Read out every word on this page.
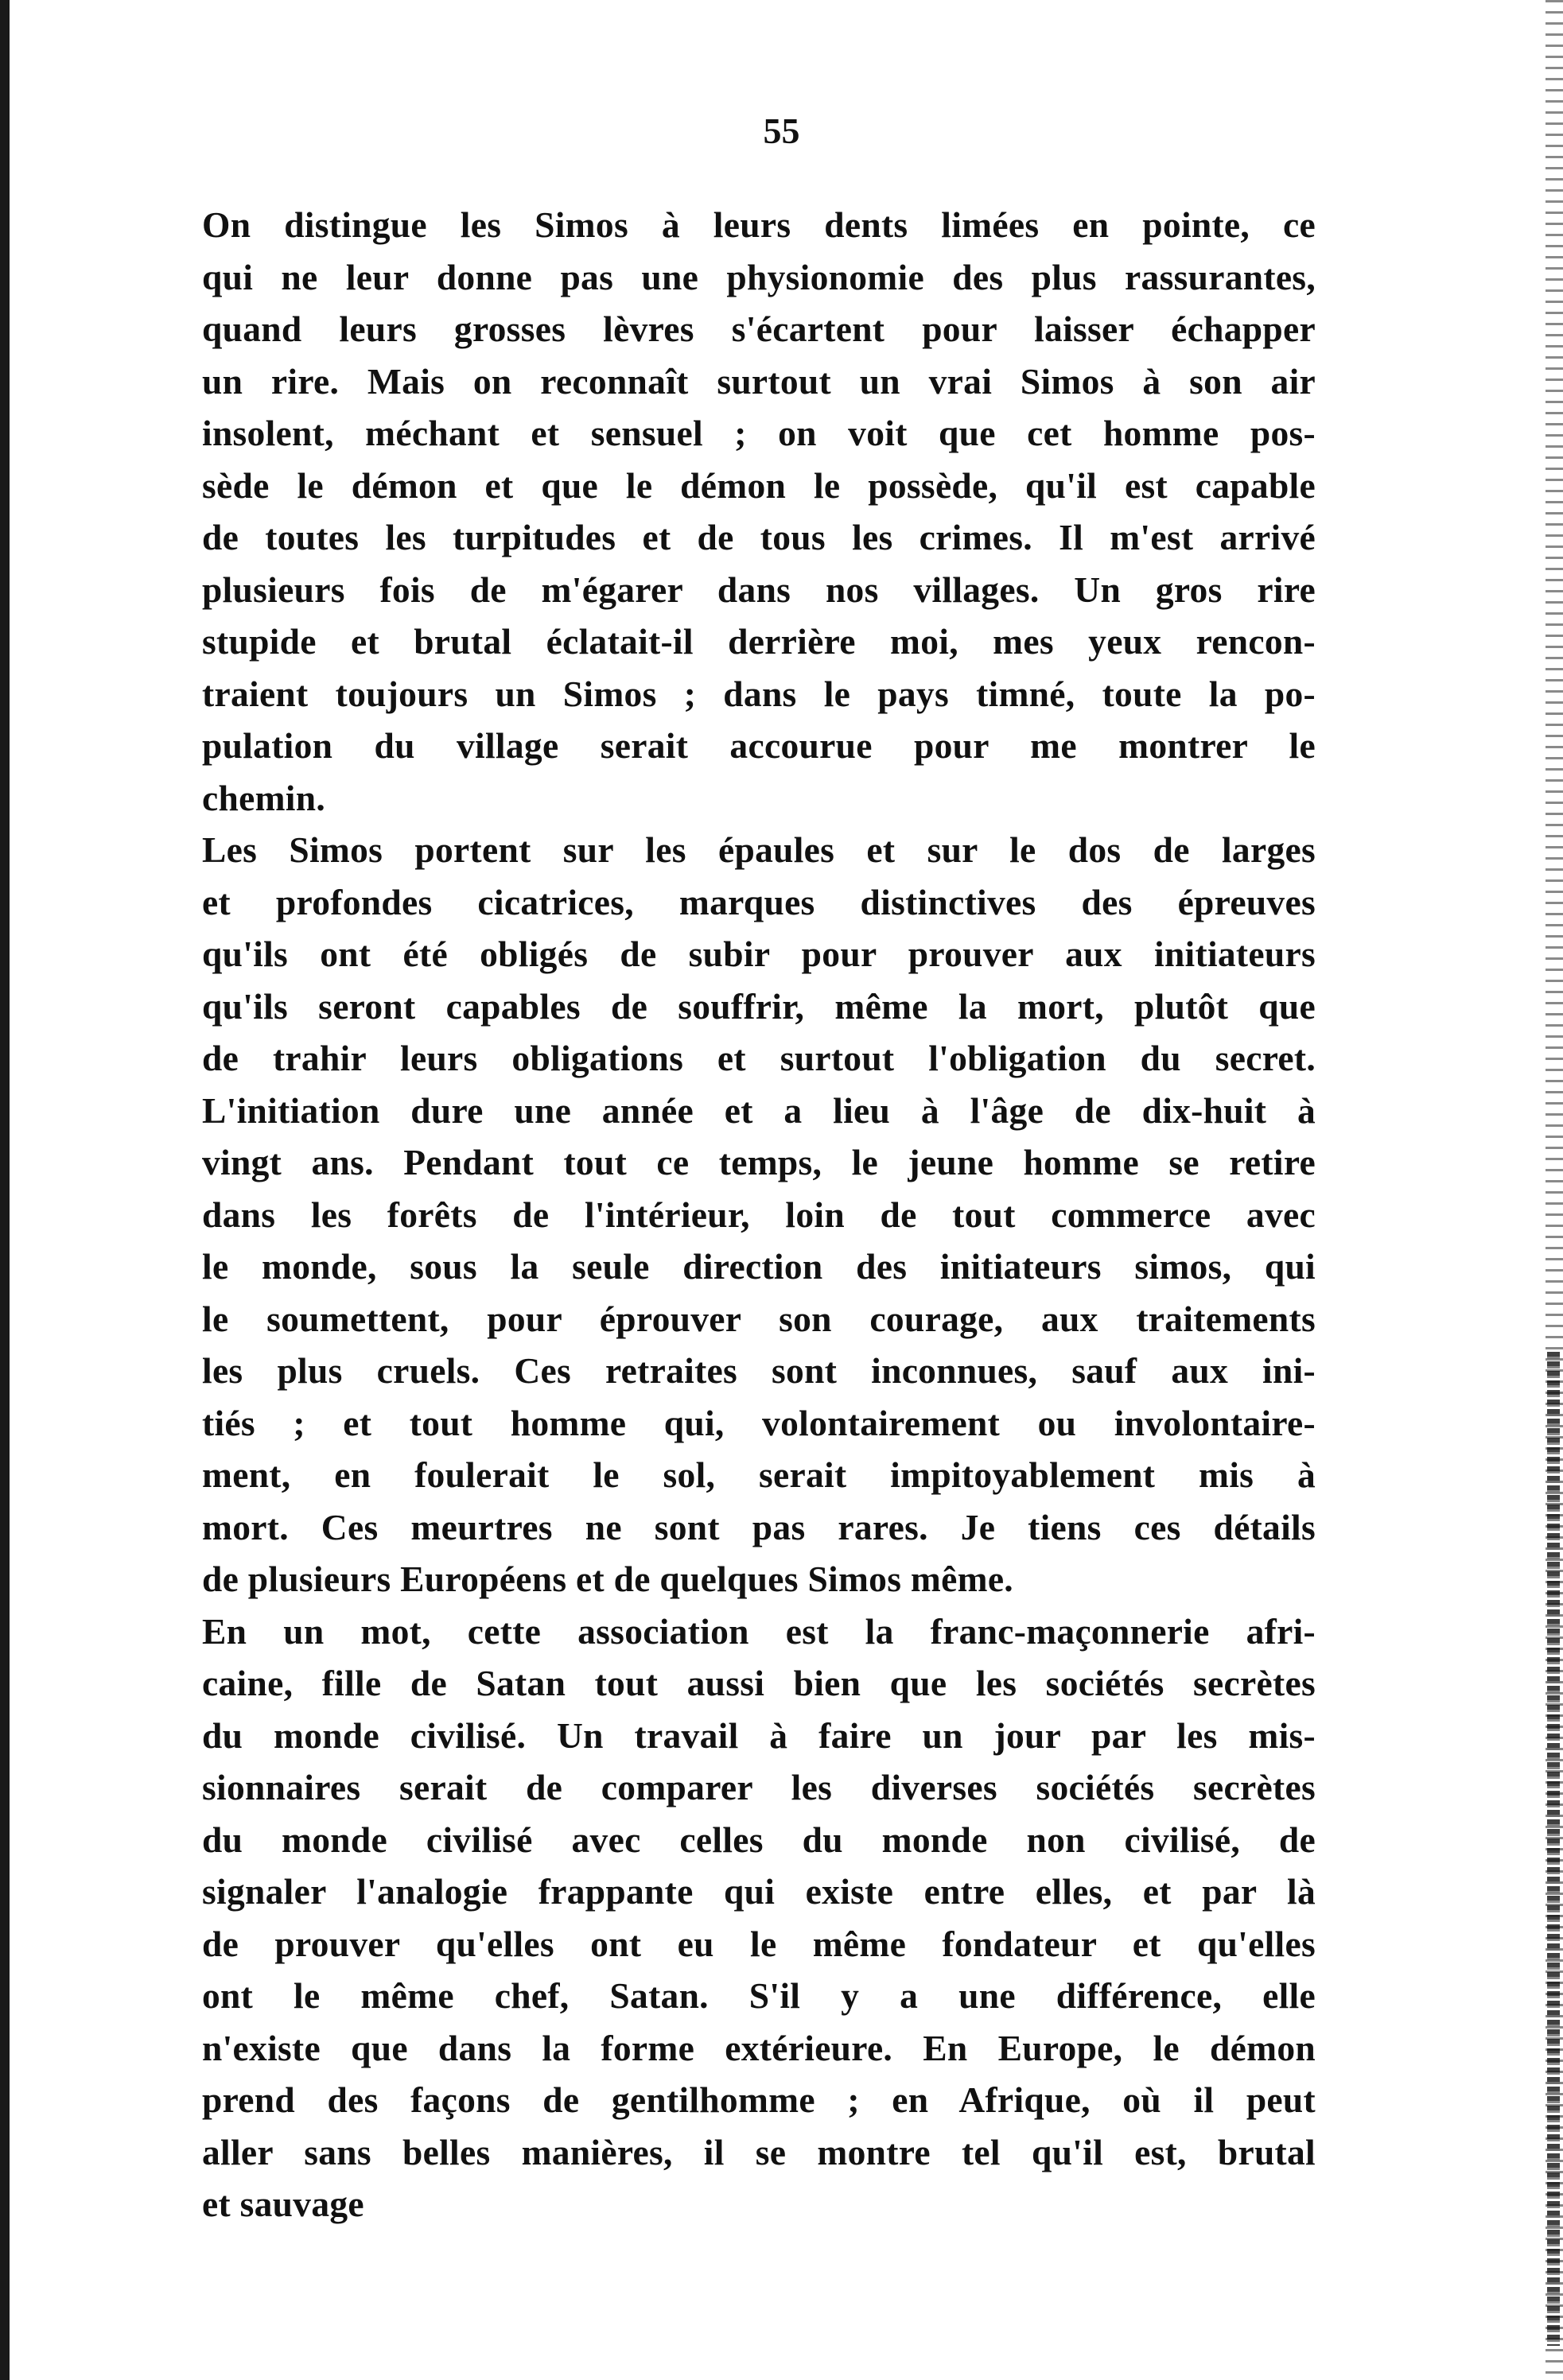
55

On distingue les Simos à leurs dents limées en pointe, ce
qui ne leur donne pas une physionomie des plus rassurantes,
quand leurs grosses lèvres s'écartent pour laisser échapper
un rire. Mais on reconnaît surtout un vrai Simos à son air
insolent, méchant et sensuel ; on voit que cet homme pos-
sède le démon et que le démon le possède, qu'il est capable
de toutes les turpitudes et de tous les crimes. Il m'est arrivé
plusieurs fois de m'égarer dans nos villages. Un gros rire
stupide et brutal éclatait-il derrière moi, mes yeux rencon-
traient toujours un Simos ; dans le pays timné, toute la po-
pulation du village serait accourue pour me montrer le
chemin.

Les Simos portent sur les épaules et sur le dos de larges
et profondes cicatrices, marques distinctives des épreuves
qu'ils ont été obligés de subir pour prouver aux initiateurs
qu'ils seront capables de souffrir, même la mort, plutôt que
de trahir leurs obligations et surtout l'obligation du secret.
L'initiation dure une année et a lieu à l'âge de dix-huit à
vingt ans. Pendant tout ce temps, le jeune homme se retire
dans les forêts de l'intérieur, loin de tout commerce avec
le monde, sous la seule direction des initiateurs simos, qui
le soumettent, pour éprouver son courage, aux traitements
les plus cruels. Ces retraites sont inconnues, sauf aux ini-
tiés ; et tout homme qui, volontairement ou involontaire-
ment, en foulerait le sol, serait impitoyablement mis à
mort. Ces meurtres ne sont pas rares. Je tiens ces détails
de plusieurs Européens et de quelques Simos même.

En un mot, cette association est la franc-maçonnerie afri-
caine, fille de Satan tout aussi bien que les sociétés secrètes
du monde civilisé. Un travail à faire un jour par les mis-
sionnaires serait de comparer les diverses sociétés secrètes
du monde civilisé avec celles du monde non civilisé, de
signaler l'analogie frappante qui existe entre elles, et par là
de prouver qu'elles ont eu le même fondateur et qu'elles
ont le même chef, Satan. S'il y a une différence, elle
n'existe que dans la forme extérieure. En Europe, le démon
prend des façons de gentilhomme ; en Afrique, où il peut
aller sans belles manières, il se montre tel qu'il est, brutal
et sauvage
